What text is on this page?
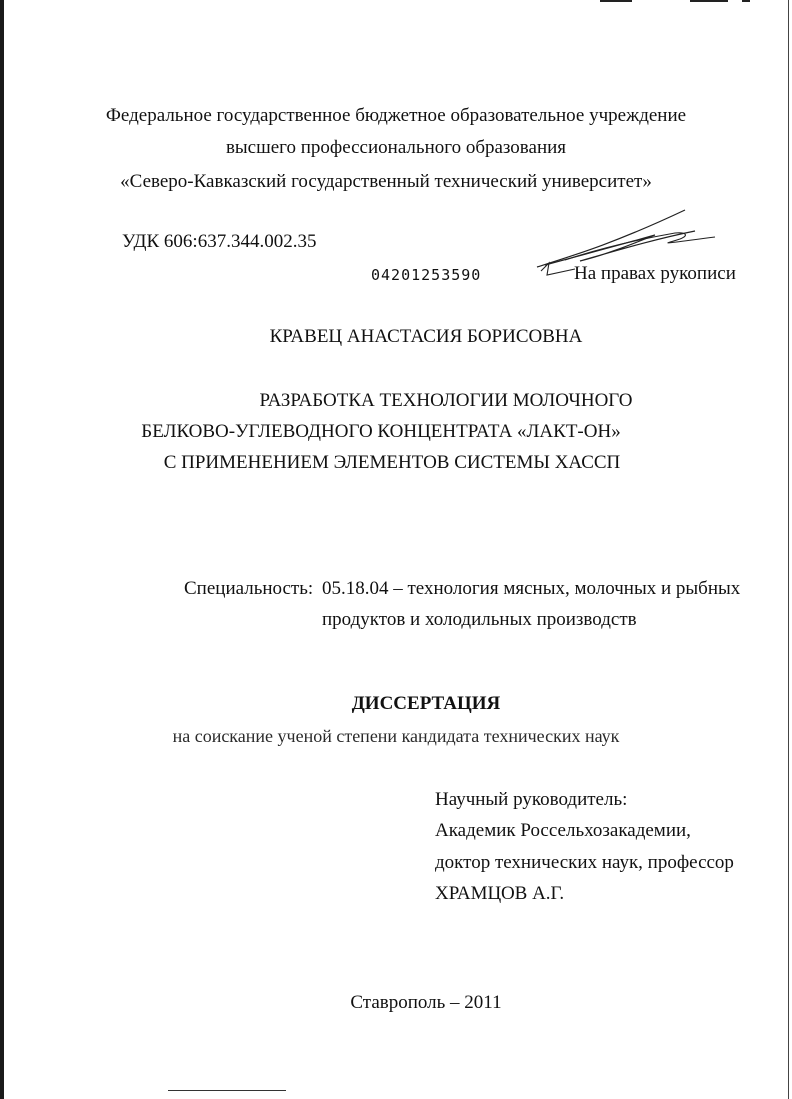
Федеральное государственное бюджетное образовательное учреждение
высшего профессионального образования
«Северо-Кавказский государственный технический университет»
УДК 606:637.344.002.35
04201253590	На правах рукописи
КРАВЕЦ АНАСТАСИЯ БОРИСОВНА
РАЗРАБОТКА ТЕХНОЛОГИИ МОЛОЧНОГО
БЕЛКОВО-УГЛЕВОДНОГО КОНЦЕНТРАТА «ЛАКТ-ОН»
С ПРИМЕНЕНИЕМ ЭЛЕМЕНТОВ СИСТЕМЫ ХАССП
Специальность: 05.18.04 – технология мясных, молочных и рыбных
продуктов и холодильных производств
ДИССЕРТАЦИЯ
на соискание ученой степени кандидата технических наук
Научный руководитель:
Академик Россельхозакадемии,
доктор технических наук, профессор
ХРАМЦОВ А.Г.
Ставрополь – 2011
